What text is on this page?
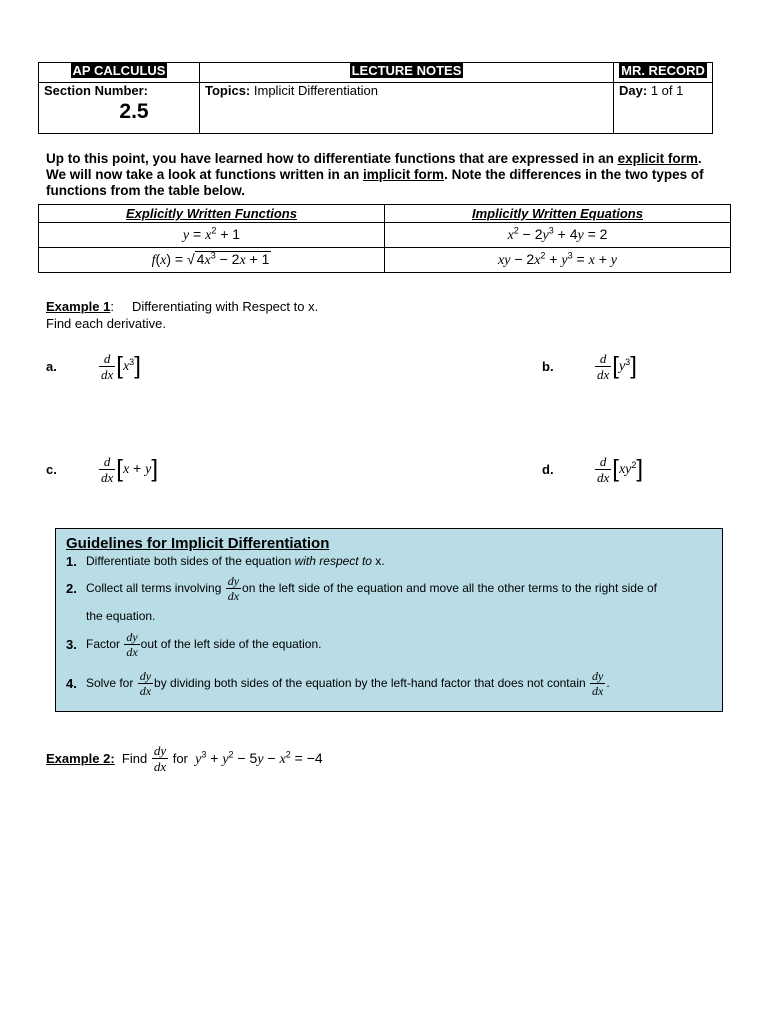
AP CALCULUS	LECTURE NOTES	MR. RECORD
Section Number:
2.5	Topics: Implicit Differentiation	Day: 1 of 1
Up to this point, you have learned how to differentiate functions that are expressed in an explicit form.
We will now take a look at functions written in an implicit form. Note the differences in the two types of
functions from the table below.
Explicitly Written Functions	Implicitly Written Equations
$y = x^2 + 1$	$x^2 - 2y^3 + 4y = 2$
f(x) = √ $4x^3 - 2x + 1$	xy − $2x^2 + y^3 = x + y$
Example 1: Differentiating with Respect to x.
Find each derivative.
a.	$\frac{d}{dx} [x^3]$	b.	$\frac{d}{dx} [y^3]$
c.	$\frac{d}{dx} [x + y]$	d.	$\frac{d}{dx} [xy^2]$
Guidelines for Implicit Differentiation
1. Differentiate both sides of the equation with respect to x.
2. Collect all terms involving $\frac{dy}{dx}$ on the left side of the equation and move all the other terms to the right side of
the equation.
3. Factor $\frac{dy}{dx}$ out of the left side of the equation.
4. Solve for $\frac{dy}{dx}$ by dividing both sides of the equation by the left-hand factor that does not contain $\frac{dy}{dx}$ .
Example 2:
Find
$\frac{dy}{dx}$
for
$y^3 + y^2 - 5y - x^2 = -4$
